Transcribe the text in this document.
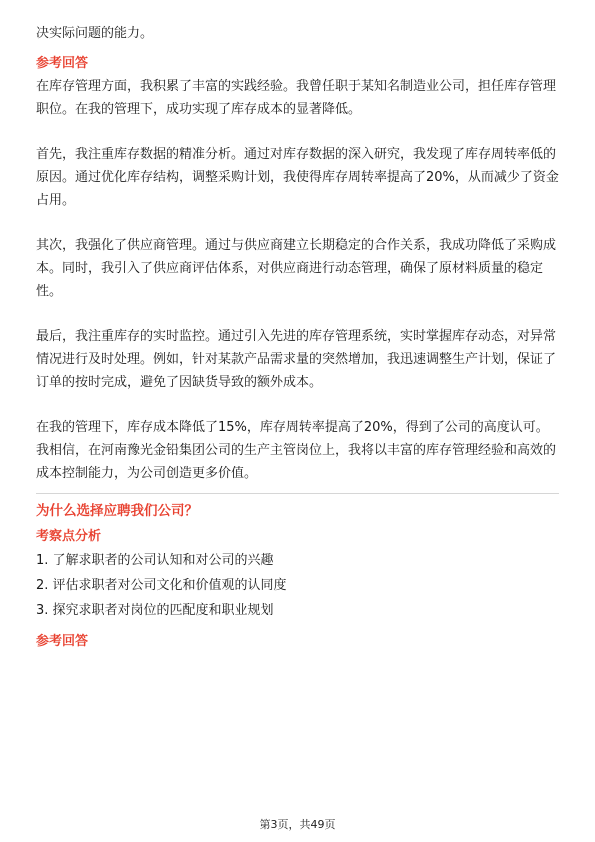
决实际问题的能力。

参考回答

在库存管理方面，我积累了丰富的实践经验。我曾任职于某知名制造业公司，担任库存管理职位。在我的管理下，成功实现了库存成本的显著降低。

首先，我注重库存数据的精准分析。通过对库存数据的深入研究，我发现了库存周转率低的原因。通过优化库存结构，调整采购计划，我使得库存周转率提高了20%，从而减少了资金占用。

其次，我强化了供应商管理。通过与供应商建立长期稳定的合作关系，我成功降低了采购成本。同时，我引入了供应商评估体系，对供应商进行动态管理，确保了原材料质量的稳定性。

最后，我注重库存的实时监控。通过引入先进的库存管理系统，实时掌握库存动态，对异常情况进行及时处理。例如，针对某款产品需求量的突然增加，我迅速调整生产计划，保证了订单的按时完成，避免了因缺货导致的额外成本。

在我的管理下，库存成本降低了15%，库存周转率提高了20%，得到了公司的高度认可。我相信，在河南豫光金铅集团公司的生产主管岗位上，我将以丰富的库存管理经验和高效的成本控制能力，为公司创造更多价值。

为什么选择应聘我们公司？
考察点分析

1. 了解求职者的公司认知和对公司的兴趣

2. 评估求职者对公司文化和价值观的认同度

3. 探究求职者对岗位的匹配度和职业规划

参考回答
第3页，共49页
